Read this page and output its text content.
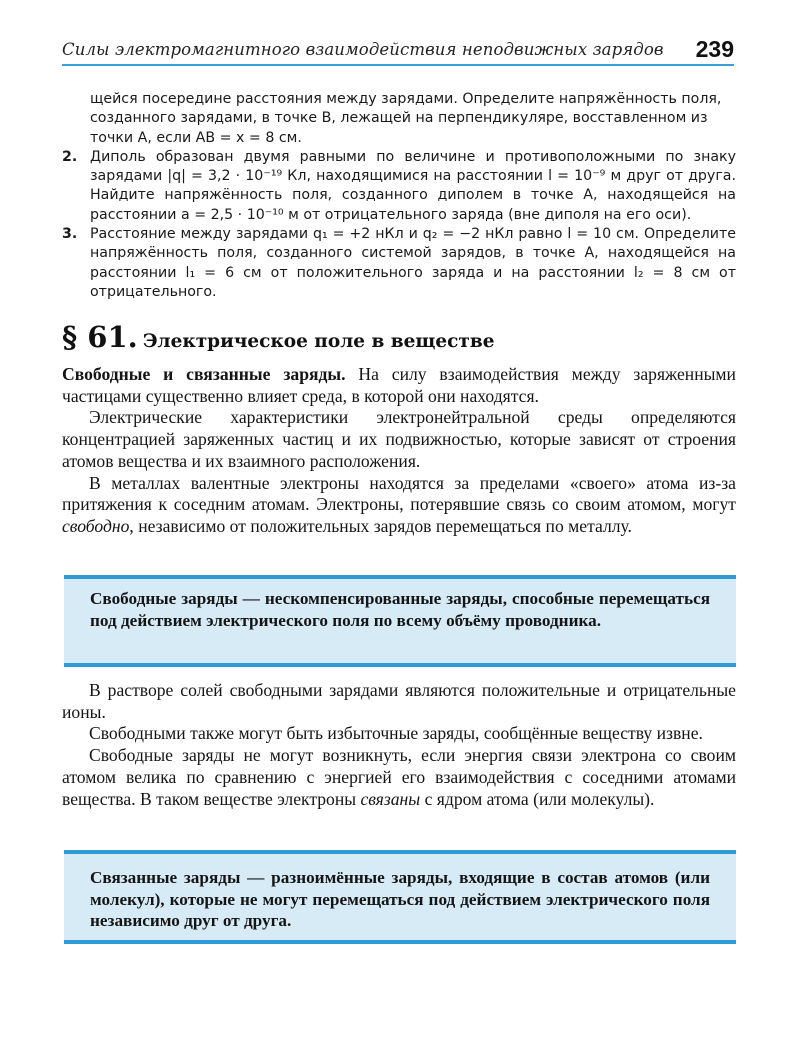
Силы электромагнитного взаимодействия неподвижных зарядов 239
щейся посередине расстояния между зарядами. Определите напряжённость поля,
созданного зарядами, в точке B, лежащей на перпендикуляре, восставленном из
точки A, если AB = x = 8 см.
2. Диполь образован двумя равными по величине и противоположными по знаку зарядами |q| = 3,2 · 10⁻¹⁹ Кл, находящимися на расстоянии l = 10⁻⁹ м друг от друга. Найдите напряжённость поля, созданного диполем в точке A, находящейся на расстоянии a = 2,5 · 10⁻¹⁰ м от отрицательного заряда (вне диполя на его оси).
3. Расстояние между зарядами q₁ = +2 нКл и q₂ = −2 нКл равно l = 10 см. Определите напряжённость поля, созданного системой зарядов, в точке A, находящейся на расстоянии l₁ = 6 см от положительного заряда и на расстоянии l₂ = 8 см от отрицательного.
§ 61. Электрическое поле в веществе

Свободные и связанные заряды. На силу взаимодействия между заряженными частицами существенно влияет среда, в которой они находятся.

Электрические характеристики электронейтральной среды определяются концентрацией заряженных частиц и их подвижностью, которые зависят от строения атомов вещества и их взаимного расположения.

В металлах валентные электроны находятся за пределами «своего» атома из-за притяжения к соседним атомам. Электроны, потерявшие связь со своим атомом, могут свободно, независимо от положительных зарядов перемещаться по металлу.

Свободные заряды — нескомпенсированные заряды, способные перемещаться под действием электрического поля по всему объёму проводника.

В растворе солей свободными зарядами являются положительные и отрицательные ионы.

Свободными также могут быть избыточные заряды, сообщённые веществу извне.

Свободные заряды не могут возникнуть, если энергия связи электрона со своим атомом велика по сравнению с энергией его взаимодействия с соседними атомами вещества. В таком веществе электроны связаны с ядром атома (или молекулы).

Связанные заряды — разноимённые заряды, входящие в состав атомов (или молекул), которые не могут перемещаться под действием электрического поля независимо друг от друга.
